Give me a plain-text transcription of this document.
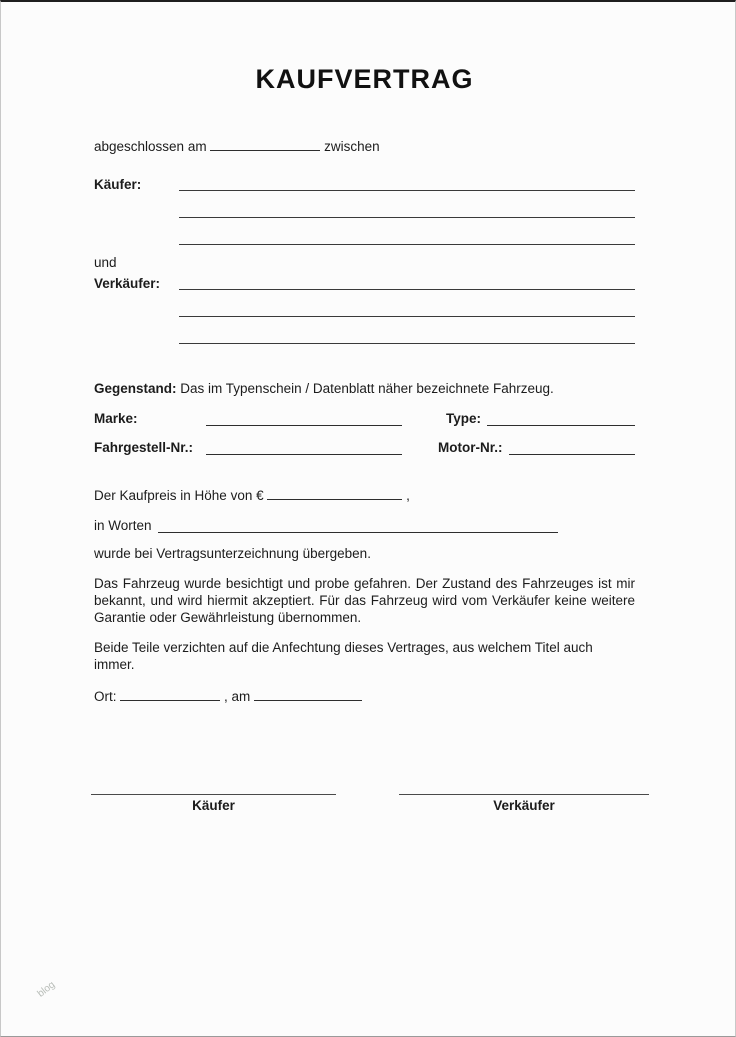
KAUFVERTRAG
abgeschlossen am	zwischen
Käufer:
und
Verkäufer:
Gegenstand: Das im Typenschein / Datenblatt näher bezeichnete Fahrzeug.
Marke:	Type:
Fahrgestell-Nr.:	Motor-Nr.:
Der Kaufpreis in Höhe von €	,
in Worten
wurde bei Vertragsunterzeichnung übergeben.
Das Fahrzeug wurde besichtigt und probe gefahren. Der Zustand des Fahrzeuges ist mir bekannt, und wird hiermit akzeptiert. Für das Fahrzeug wird vom Verkäufer keine weitere Garantie oder Gewährleistung übernommen.
Beide Teile verzichten auf die Anfechtung dieses Vertrages, aus welchem Titel auch immer.
Ort:	, am
Käufer	Verkäufer
blog
